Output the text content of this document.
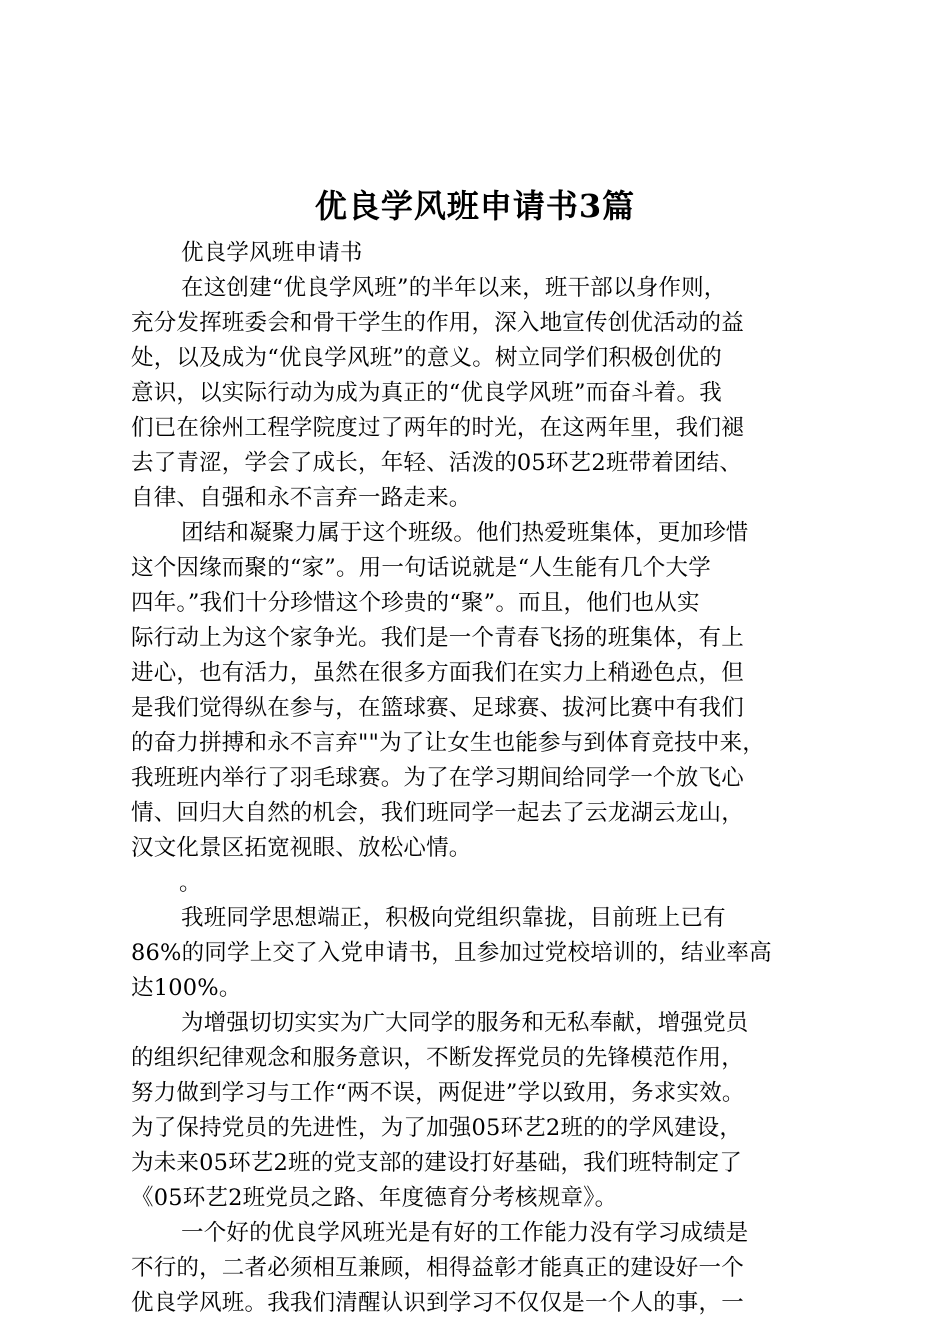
优良学风班申请书3篇
优良学风班申请书
在这创建“优良学风班”的半年以来，班干部以身作则，
充分发挥班委会和骨干学生的作用，深入地宣传创优活动的益
处，以及成为“优良学风班”的意义。树立同学们积极创优的
意识，以实际行动为成为真正的“优良学风班”而奋斗着。我
们已在徐州工程学院度过了两年的时光，在这两年里，我们褪
去了青涩，学会了成长，年轻、活泼的05环艺2班带着团结、
自律、自强和永不言弃一路走来。
团结和凝聚力属于这个班级。他们热爱班集体，更加珍惜
这个因缘而聚的“家”。用一句话说就是“人生能有几个大学
四年。”我们十分珍惜这个珍贵的“聚”。而且，他们也从实
际行动上为这个家争光。我们是一个青春飞扬的班集体，有上
进心，也有活力，虽然在很多方面我们在实力上稍逊色点，但
是我们觉得纵在参与，在篮球赛、足球赛、拔河比赛中有我们
的奋力拼搏和永不言弃""为了让女生也能参与到体育竞技中来，
我班班内举行了羽毛球赛。为了在学习期间给同学一个放飞心
情、回归大自然的机会，我们班同学一起去了云龙湖云龙山，
汉文化景区拓宽视眼、放松心情。
。
我班同学思想端正，积极向党组织靠拢，目前班上已有
86%的同学上交了入党申请书，且参加过党校培训的，结业率高
达100%。
为增强切切实实为广大同学的服务和无私奉献，增强党员
的组织纪律观念和服务意识，不断发挥党员的先锋模范作用，
努力做到学习与工作“两不误，两促进”学以致用，务求实效。
为了保持党员的先进性，为了加强05环艺2班的的学风建设，
为未来05环艺2班的党支部的建设打好基础，我们班特制定了
《05环艺2班党员之路、年度德育分考核规章》。
一个好的优良学风班光是有好的工作能力没有学习成绩是
不行的，二者必须相互兼顾，相得益彰才能真正的建设好一个
优良学风班。我我们清醒认识到学习不仅仅是一个人的事，一
